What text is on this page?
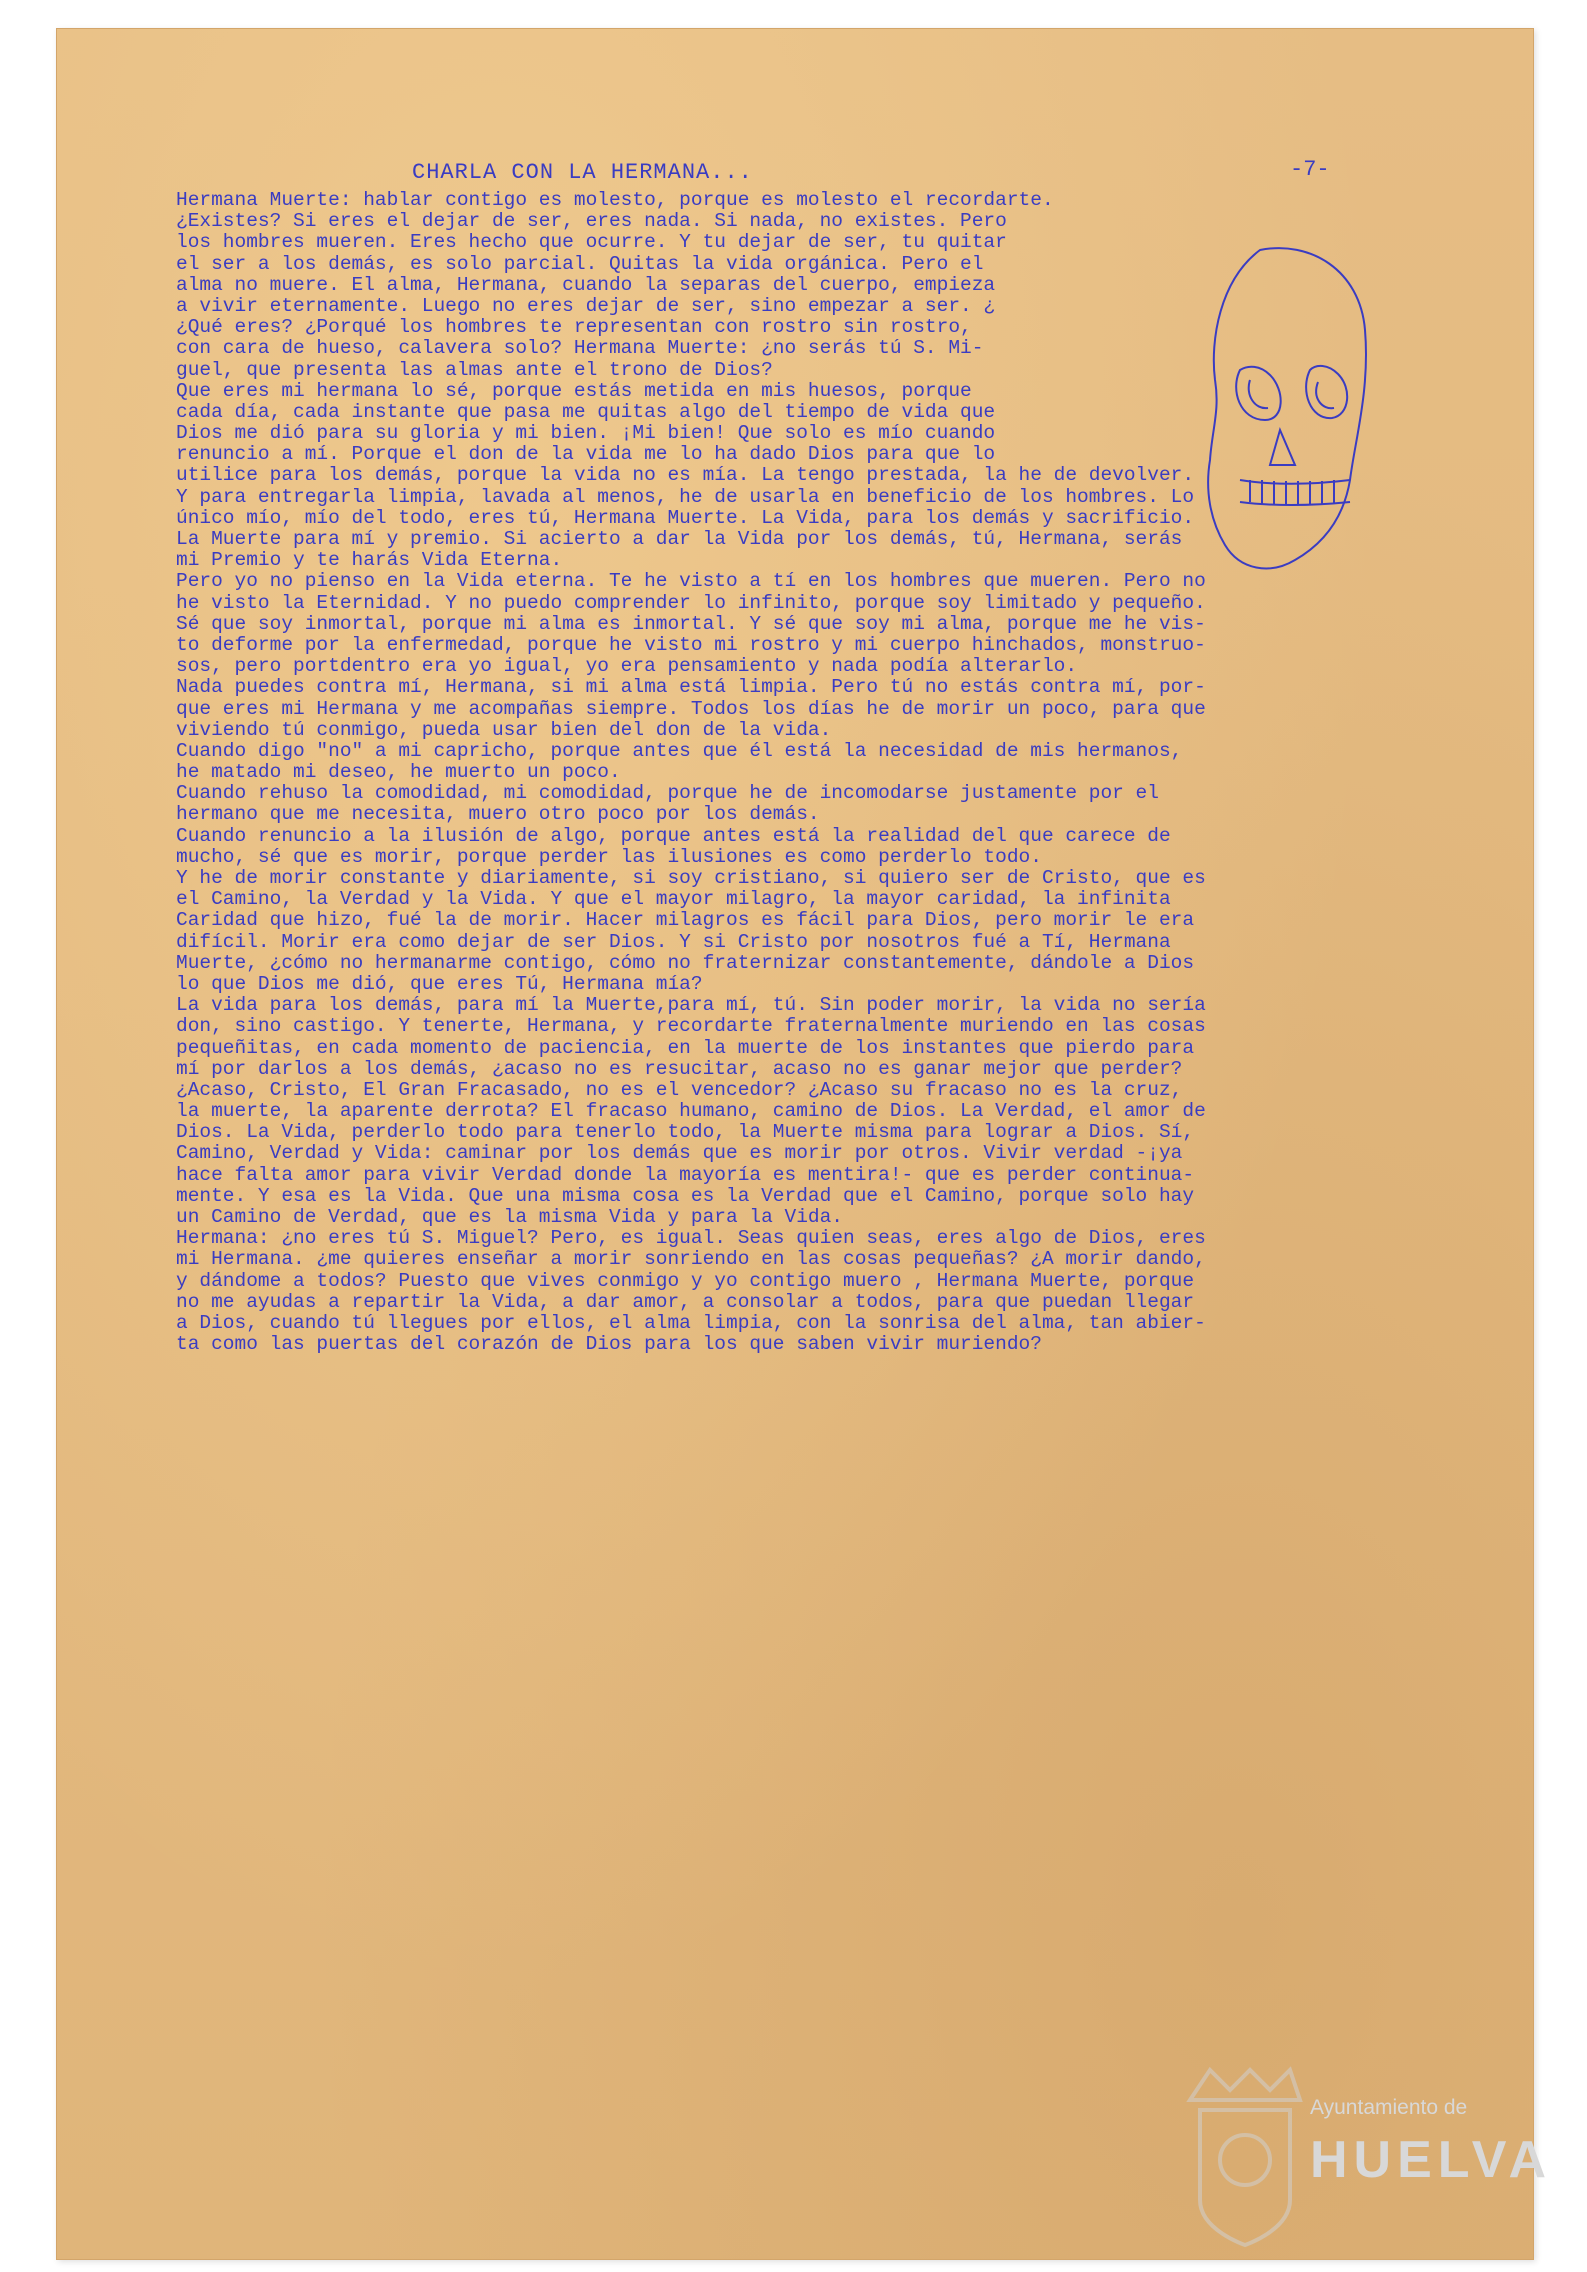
CHARLA CON LA HERMANA...	-7-
Hermana Muerte: hablar contigo es molesto, porque es molesto el recordarte.
¿Existes? Si eres el dejar de ser, eres nada. Si nada, no existes. Pero
los hombres mueren. Eres hecho que ocurre. Y tu dejar de ser, tu quitar
el ser a los demás, es solo parcial. Quitas la vida orgánica. Pero el
alma no muere. El alma, Hermana, cuando la separas del cuerpo, empieza
a vivir eternamente. Luego no eres dejar de ser, sino empezar a ser. ¿
¿Qué eres? ¿Porqué los hombres te representan con rostro sin rostro,
con cara de hueso, calavera solo? Hermana Muerte: ¿no serás tú S. Mi-
guel, que presenta las almas ante el trono de Dios?
Que eres mi hermana lo sé, porque estás metida en mis huesos, porque
cada día, cada instante que pasa me quitas algo del tiempo de vida que
Dios me dió para su gloria y mi bien. ¡Mi bien! Que solo es mío cuando
renuncio a mí. Porque el don de la vida me lo ha dado Dios para que lo
utilice para los demás, porque la vida no es mía. La tengo prestada, la he de devolver.
Y para entregarla limpia, lavada al menos, he de usarla en beneficio de los hombres. Lo
único mío, mío del todo, eres tú, Hermana Muerte. La Vida, para los demás y sacrificio.
La Muerte para mí y premio. Si acierto a dar la Vida por los demás, tú, Hermana, serás
mi Premio y te harás Vida Eterna.
Pero yo no pienso en la Vida eterna. Te he visto a tí en los hombres que mueren. Pero no
he visto la Eternidad. Y no puedo comprender lo infinito, porque soy limitado y pequeño.
Sé que soy inmortal, porque mi alma es inmortal. Y sé que soy mi alma, porque me he vis-
to deforme por la enfermedad, porque he visto mi rostro y mi cuerpo hinchados, monstruo-
sos, pero portdentro era yo igual, yo era pensamiento y nada podía alterarlo.
Nada puedes contra mí, Hermana, si mi alma está limpia. Pero tú no estás contra mí, por-
que eres mi Hermana y me acompañas siempre. Todos los días he de morir un poco, para que
viviendo tú conmigo, pueda usar bien del don de la vida.
Cuando digo "no" a mi capricho, porque antes que él está la necesidad de mis hermanos,
he matado mi deseo, he muerto un poco.
Cuando rehuso la comodidad, mi comodidad, porque he de incomodarse justamente por el
hermano que me necesita, muero otro poco por los demás.
Cuando renuncio a la ilusión de algo, porque antes está la realidad del que carece de
mucho, sé que es morir, porque perder las ilusiones es como perderlo todo.
Y he de morir constante y diariamente, si soy cristiano, si quiero ser de Cristo, que es
el Camino, la Verdad y la Vida. Y que el mayor milagro, la mayor caridad, la infinita
Caridad que hizo, fué la de morir. Hacer milagros es fácil para Dios, pero morir le era
difícil. Morir era como dejar de ser Dios. Y si Cristo por nosotros fué a Tí, Hermana
Muerte, ¿cómo no hermanarme contigo, cómo no fraternizar constantemente, dándole a Dios
lo que Dios me dió, que eres Tú, Hermana mía?
La vida para los demás, para mí la Muerte,para mí, tú. Sin poder morir, la vida no sería
don, sino castigo. Y tenerte, Hermana, y recordarte fraternalmente muriendo en las cosas
pequeñitas, en cada momento de paciencia, en la muerte de los instantes que pierdo para
mí por darlos a los demás, ¿acaso no es resucitar, acaso no es ganar mejor que perder?
¿Acaso, Cristo, El Gran Fracasado, no es el vencedor? ¿Acaso su fracaso no es la cruz,
la muerte, la aparente derrota? El fracaso humano, camino de Dios. La Verdad, el amor de
Dios. La Vida, perderlo todo para tenerlo todo, la Muerte misma para lograr a Dios. Sí,
Camino, Verdad y Vida: caminar por los demás que es morir por otros. Vivir verdad -¡ya
hace falta amor para vivir Verdad donde la mayoría es mentira!- que es perder continua-
mente. Y esa es la Vida. Que una misma cosa es la Verdad que el Camino, porque solo hay
un Camino de Verdad, que es la misma Vida y para la Vida.
Hermana: ¿no eres tú S. Miguel? Pero, es igual. Seas quien seas, eres algo de Dios, eres
mi Hermana. ¿me quieres enseñar a morir sonriendo en las cosas pequeñas? ¿A morir dando,
y dándome a todos? Puesto que vives conmigo y yo contigo muero , Hermana Muerte, porque
no me ayudas a repartir la Vida, a dar amor, a consolar a todos, para que puedan llegar
a Dios, cuando tú llegues por ellos, el alma limpia, con la sonrisa del alma, tan abier-
ta como las puertas del corazón de Dios para los que saben vivir muriendo?
Ayuntamiento de
HUELVA
